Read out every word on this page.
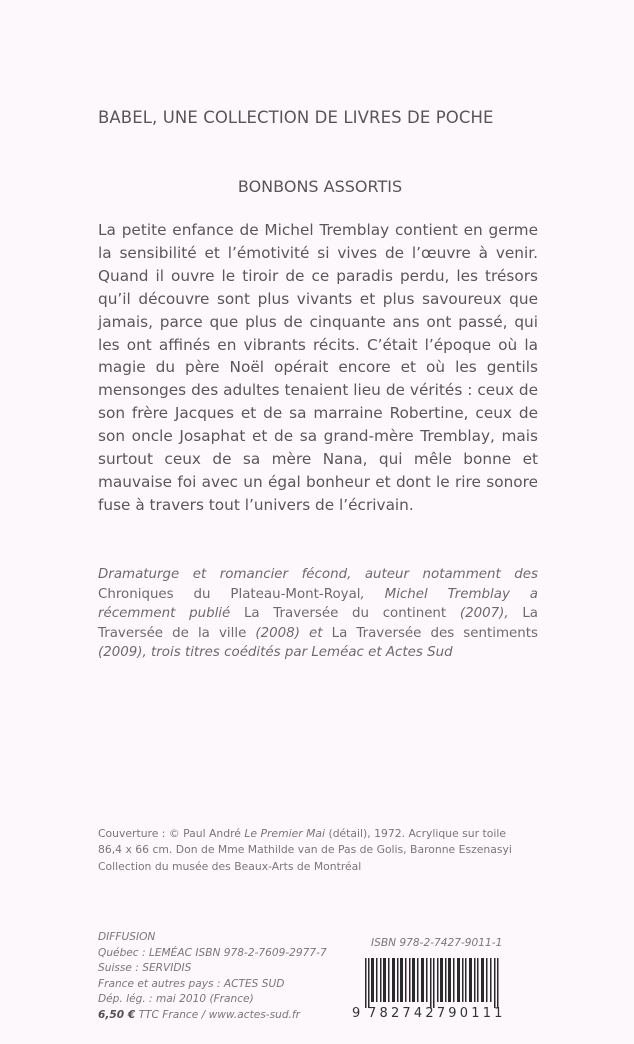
BABEL, UNE COLLECTION DE LIVRES DE POCHE
BONBONS ASSORTIS

La petite enfance de Michel Tremblay contient en germe la sensibilité et l’émotivité si vives de l’œuvre à venir. Quand il ouvre le tiroir de ce paradis perdu, les trésors qu’il découvre sont plus vivants et plus savoureux que jamais, parce que plus de cinquante ans ont passé, qui les ont affinés en vibrants récits. C’était l’époque où la magie du père Noël opérait encore et où les gentils mensonges des adultes tenaient lieu de vérités : ceux de son frère Jacques et de sa marraine Robertine, ceux de son oncle Josaphat et de sa grand-mère Tremblay, mais surtout ceux de sa mère Nana, qui mêle bonne et mauvaise foi avec un égal bonheur et dont le rire sonore fuse à travers tout l’univers de l’écrivain.

Dramaturge et romancier fécond, auteur notamment des Chroniques du Plateau-Mont-Royal, Michel Tremblay a récemment publié La Traversée du continent (2007), La Traversée de la ville (2008) et La Traversée des sentiments (2009), trois titres coédités par Leméac et Actes Sud
Couverture : © Paul André Le Premier Mai (détail), 1972. Acrylique sur toile
86,4 x 66 cm. Don de Mme Mathilde van de Pas de Golis, Baronne Eszenasyi
Collection du musée des Beaux-Arts de Montréal
DIFFUSION
Québec : LEMÉAC ISBN 978-2-7609-2977-7
Suisse : SERVIDIS
France et autres pays : ACTES SUD
Dép. lég. : mai 2010 (France)
6,50 € TTC France / www.actes-sud.fr
ISBN 978-2-7427-9011-1
9 782742790111
